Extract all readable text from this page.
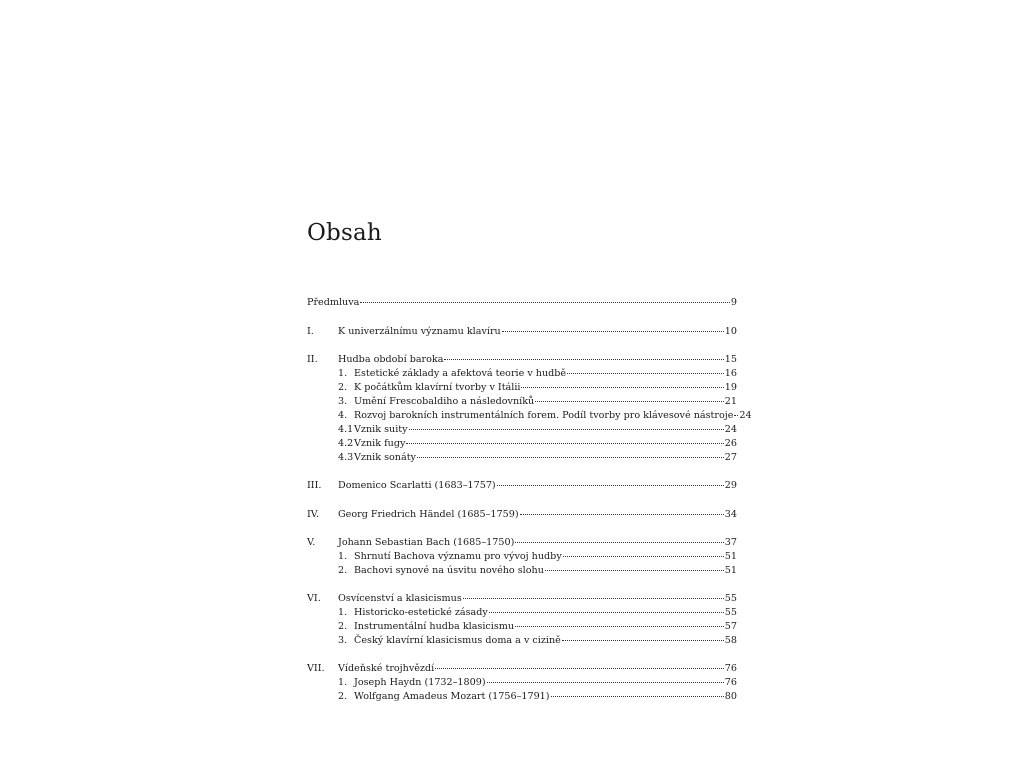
Obsah
Předmluva	9
I.	K univerzálnímu významu klavíru	10
II.	Hudba období baroka	15
1. Estetické základy a afektová teorie v hudbě	16
2. K počátkům klavírní tvorby v Itálii	19
3. Umění Frescobaldiho a následovníků	21
4. Rozvoj barokních instrumentálních forem. Podíl tvorby pro klávesové nástroje 24
4.1 Vznik suity	24
4.2 Vznik fugy	26
4.3 Vznik sonáty	27
III.	Domenico Scarlatti (1683–1757)	29
IV.	Georg Friedrich Händel (1685–1759)	34
V.	Johann Sebastian Bach (1685–1750)	37
1. Shrnutí Bachova významu pro vývoj hudby	51
2. Bachovi synové na úsvitu nového slohu	51
VI.	Osvícenství a klasicismus	55
1. Historicko-estetické zásady	55
2. Instrumentální hudba klasicismu	57
3. Český klavírní klasicismus doma a v cizině	58
VII.	Vídeňské trojhvězdí	76
1. Joseph Haydn (1732–1809)	76
2. Wolfgang Amadeus Mozart (1756–1791)	80
